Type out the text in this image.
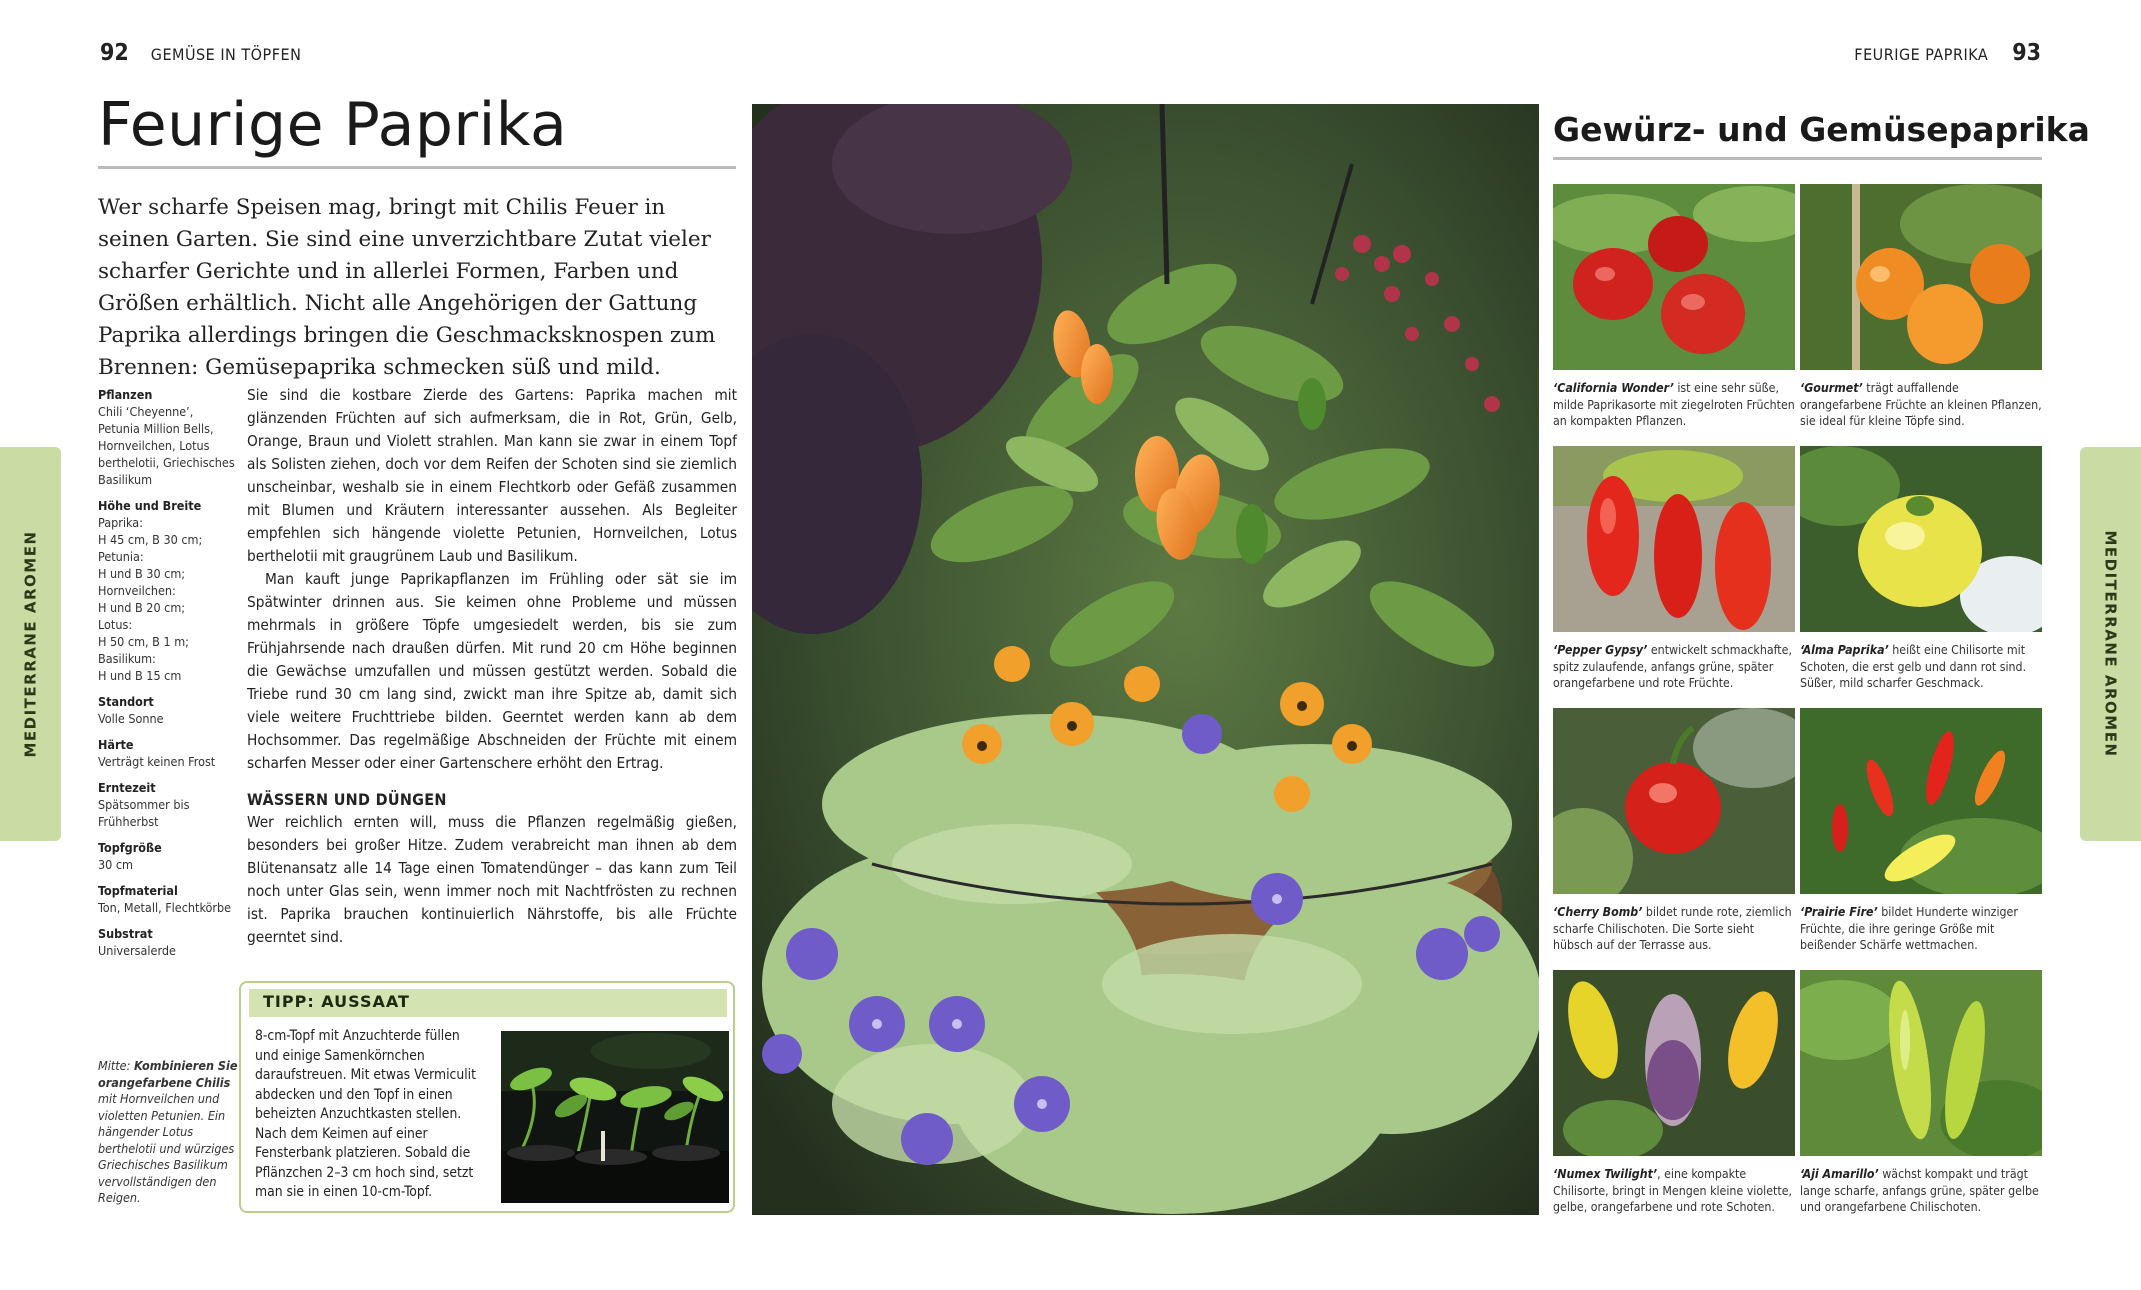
92 GEMÜSE IN TÖPFEN	FEURIGE PAPRIKA 93
MEDITERRANE AROMEN	MEDITERRANE AROMEN
Feurige Paprika

Wer scharfe Speisen mag, bringt mit Chilis Feuer in seinen Garten. Sie sind eine unverzichtbare Zutat vieler scharfer Gerichte und in allerlei Formen, Farben und Größen erhältlich. Nicht alle Angehörigen der Gattung Paprika allerdings bringen die Geschmacksknospen zum Brennen: Gemüsepaprika schmecken süß und mild.

Pflanzen
Chili ‘Cheyenne’, Petunia Million Bells, Hornveilchen, Lotus berthelotii, Griechisches Basilikum
Höhe und Breite
Paprika:
H 45 cm, B 30 cm;
Petunia:
H und B 30 cm;
Hornveilchen:
H und B 20 cm;
Lotus:
H 50 cm, B 1 m;
Basilikum:
H und B 15 cm
Standort
Volle Sonne
Härte
Verträgt keinen Frost
Erntezeit
Spätsommer bis Frühherbst
Topfgröße
30 cm
Topfmaterial
Ton, Metall, Flechtkörbe
Substrat
Universalerde
Mitte: Kombinieren Sie orangefarbene Chilis mit Hornveilchen und violetten Petunien. Ein hängender Lotus berthelotii und würziges Griechisches Basilikum vervollständigen den Reigen.

Sie sind die kostbare Zierde des Gartens: Paprika machen mit glänzenden Früchten auf sich aufmerksam, die in Rot, Grün, Gelb, Orange, Braun und Violett strahlen. Man kann sie zwar in einem Topf als Solisten ziehen, doch vor dem Reifen der Schoten sind sie ziemlich unscheinbar, weshalb sie in einem Flechtkorb oder Gefäß zusammen mit Blumen und Kräutern interessanter aussehen. Als Begleiter empfehlen sich hängende violette Petunien, Hornveilchen, Lotus berthelotii mit graugrünem Laub und Basilikum.

Man kauft junge Paprikapflanzen im Frühling oder sät sie im Spätwinter drinnen aus. Sie keimen ohne Probleme und müssen mehrmals in größere Töpfe umgesiedelt werden, bis sie zum Frühjahrsende nach draußen dürfen. Mit rund 20 cm Höhe beginnen die Gewächse umzufallen und müssen gestützt werden. Sobald die Triebe rund 30 cm lang sind, zwickt man ihre Spitze ab, damit sich viele weitere Fruchttriebe bilden. Geerntet werden kann ab dem Hochsommer. Das regelmäßige Abschneiden der Früchte mit einem scharfen Messer oder einer Gartenschere erhöht den Ertrag.

WÄSSERN UND DÜNGEN

Wer reichlich ernten will, muss die Pflanzen regelmäßig gießen, besonders bei großer Hitze. Zudem verabreicht man ihnen ab dem Blütenansatz alle 14 Tage einen Tomatendünger – das kann zum Teil noch unter Glas sein, wenn immer noch mit Nachtfrösten zu rechnen ist. Paprika brauchen kontinuierlich Nährstoffe, bis alle Früchte geerntet sind.

TIPP: AUSSAAT
8-cm-Topf mit Anzuchterde füllen und einige Samenkörnchen daraufstreuen. Mit etwas Vermiculit abdecken und den Topf in einen beheizten Anzuchtkasten stellen. Nach dem Keimen auf einer Fensterbank platzieren. Sobald die Pflänzchen 2–3 cm hoch sind, setzt man sie in einen 10-cm-Topf.
Gewürz- und Gemüsepaprika
‘California Wonder’ ist eine sehr süße, milde Paprikasorte mit ziegelroten Früchten an kompakten Pflanzen.
‘Gourmet’ trägt auffallende orangefarbene Früchte an kleinen Pflanzen, sie ideal für kleine Töpfe sind.
‘Pepper Gypsy’ entwickelt schmackhafte, spitz zulaufende, anfangs grüne, später orangefarbene und rote Früchte.
‘Alma Paprika’ heißt eine Chilisorte mit Schoten, die erst gelb und dann rot sind. Süßer, mild scharfer Geschmack.
‘Cherry Bomb’ bildet runde rote, ziemlich scharfe Chilischoten. Die Sorte sieht hübsch auf der Terrasse aus.
‘Prairie Fire’ bildet Hunderte winziger Früchte, die ihre geringe Größe mit beißender Schärfe wettmachen.
‘Numex Twilight’, eine kompakte Chilisorte, bringt in Mengen kleine violette, gelbe, orangefarbene und rote Schoten.
‘Aji Amarillo’ wächst kompakt und trägt lange scharfe, anfangs grüne, später gelbe und orangefarbene Chilischoten.
